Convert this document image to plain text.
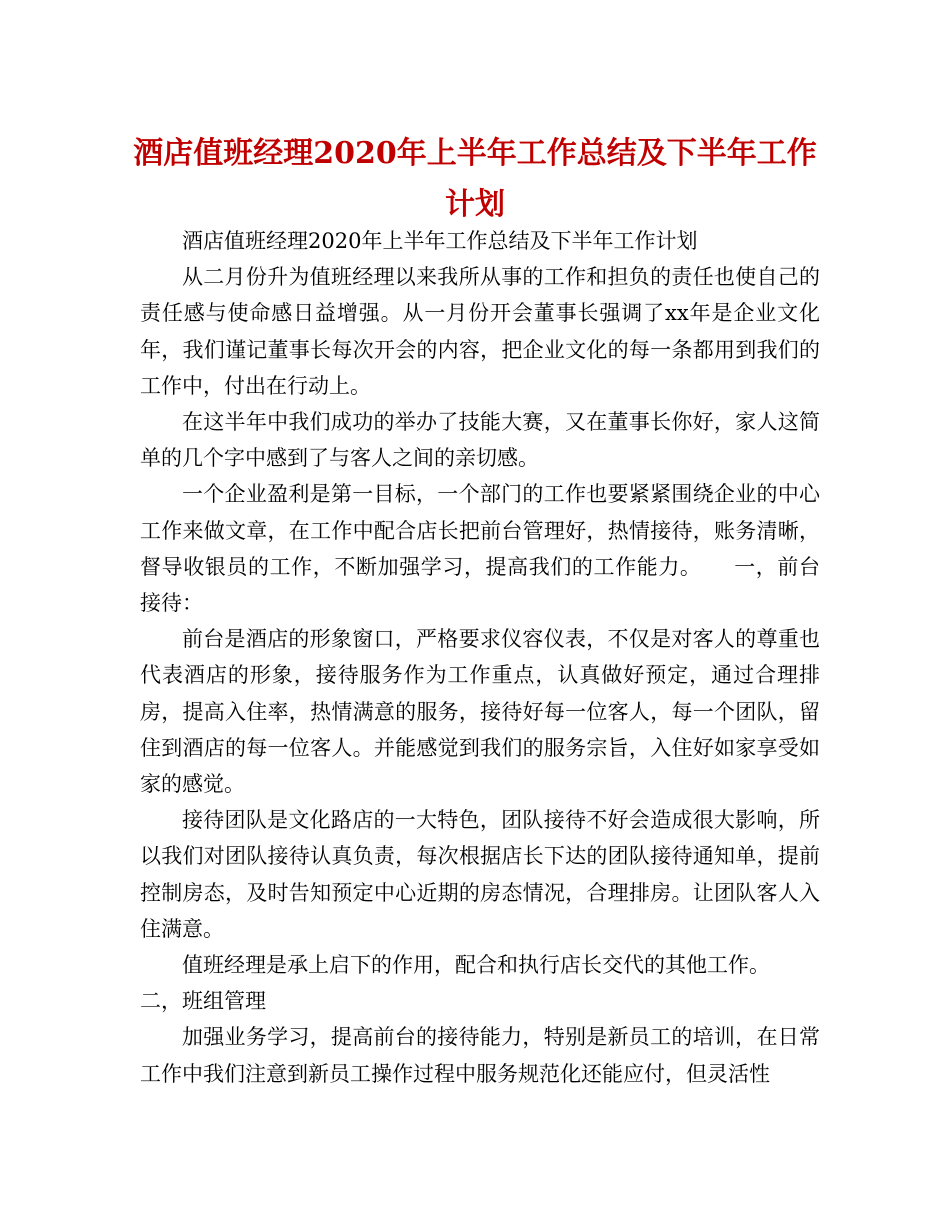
酒店值班经理2020年上半年工作总结及下半年工作计划

酒店值班经理2020年上半年工作总结及下半年工作计划

从二月份升为值班经理以来我所从事的工作和担负的责任也使自己的责任感与使命感日益增强。从一月份开会董事长强调了xx年是企业文化年，我们谨记董事长每次开会的内容，把企业文化的每一条都用到我们的工作中，付出在行动上。

在这半年中我们成功的举办了技能大赛，又在董事长你好，家人这简单的几个字中感到了与客人之间的亲切感。

一个企业盈利是第一目标，一个部门的工作也要紧紧围绕企业的中心工作来做文章，在工作中配合店长把前台管理好，热情接待，账务清晰，督导收银员的工作，不断加强学习，提高我们的工作能力。　　一，前台接待：

前台是酒店的形象窗口，严格要求仪容仪表，不仅是对客人的尊重也代表酒店的形象，接待服务作为工作重点，认真做好预定，通过合理排房，提高入住率，热情满意的服务，接待好每一位客人，每一个团队，留住到酒店的每一位客人。并能感觉到我们的服务宗旨，入住好如家享受如家的感觉。

接待团队是文化路店的一大特色，团队接待不好会造成很大影响，所以我们对团队接待认真负责，每次根据店长下达的团队接待通知单，提前控制房态，及时告知预定中心近期的房态情况，合理排房。让团队客人入住满意。

值班经理是承上启下的作用，配合和执行店长交代的其他工作。

二，班组管理

加强业务学习，提高前台的接待能力，特别是新员工的培训，在日常工作中我们注意到新员工操作过程中服务规范化还能应付，但灵活性
